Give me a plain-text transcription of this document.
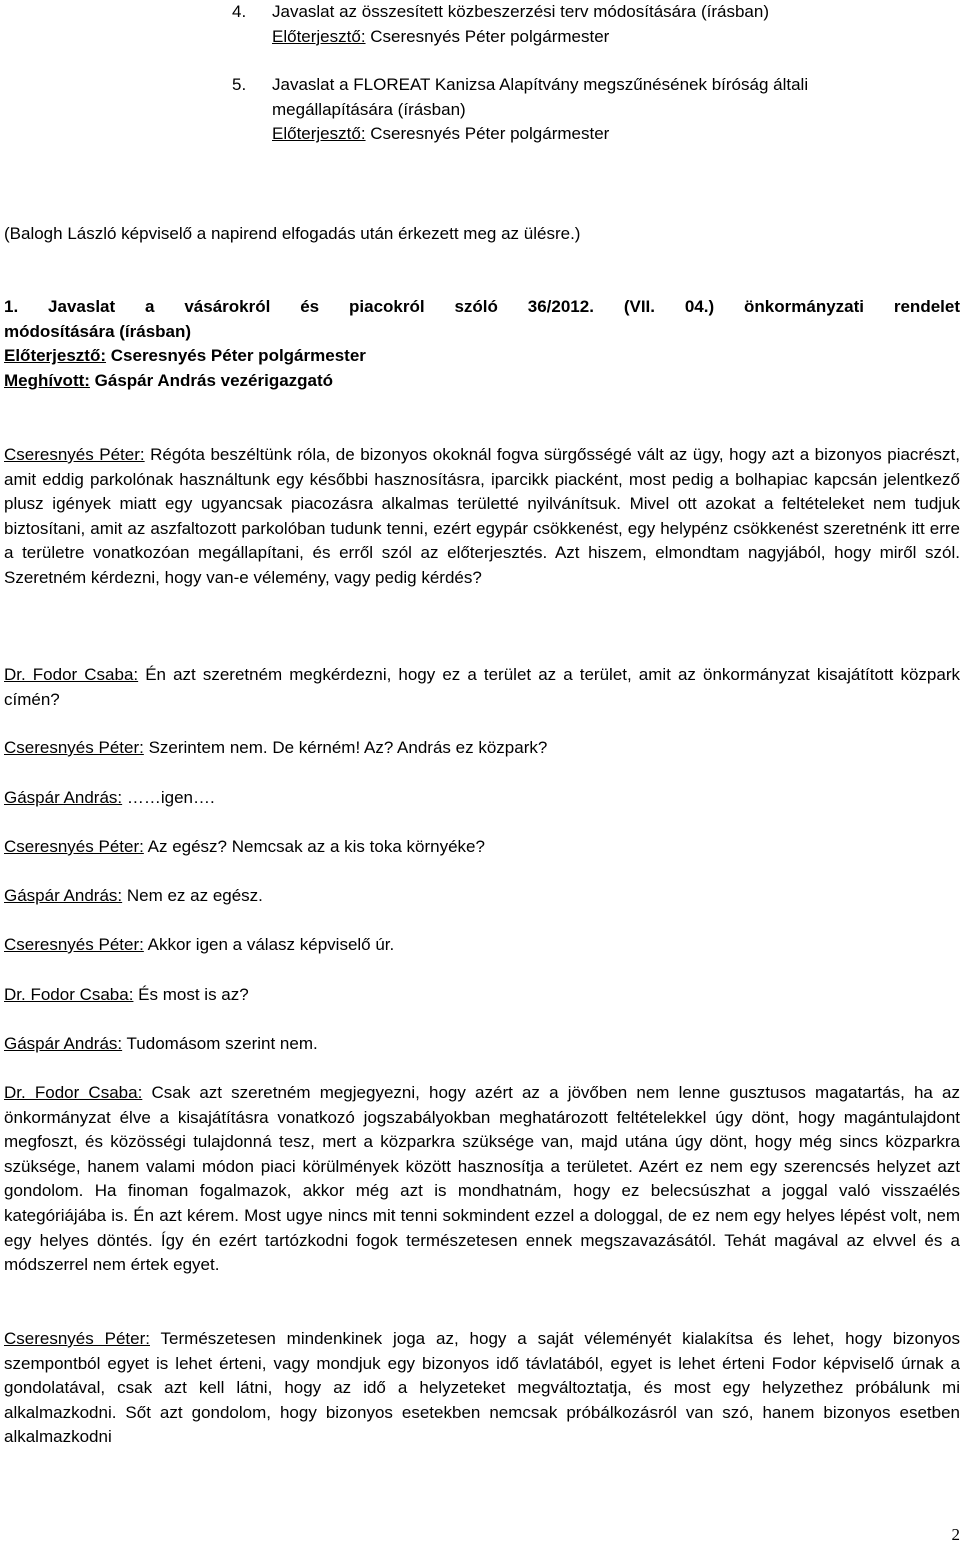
4. Javaslat az összesített közbeszerzési terv módosítására (írásban)
Előterjesztő: Cseresnyés Péter polgármester
5. Javaslat a FLOREAT Kanizsa Alapítvány megszűnésének bíróság általi
megállapítására (írásban)
Előterjesztő: Cseresnyés Péter polgármester
(Balogh László képviselő a napirend elfogadás után érkezett meg az ülésre.)
1. Javaslat a vásárokról és piacokról szóló 36/2012. (VII. 04.) önkormányzati rendelet
módosítására (írásban)
Előterjesztő: Cseresnyés Péter polgármester
Meghívott: Gáspár András vezérigazgató
Cseresnyés Péter: Régóta beszéltünk róla, de bizonyos okoknál fogva sürgősségé vált az ügy, hogy azt a bizonyos piacrészt, amit eddig parkolónak használtunk egy későbbi hasznosításra, iparcikk piacként, most pedig a bolhapiac kapcsán jelentkező plusz igények miatt egy ugyancsak piacozásra alkalmas területté nyilvánítsuk. Mivel ott azokat a feltételeket nem tudjuk biztosítani, amit az aszfaltozott parkolóban tudunk tenni, ezért egypár csökkenést, egy helypénz csökkenést szeretnénk itt erre a területre vonatkozóan megállapítani, és erről szól az előterjesztés. Azt hiszem, elmondtam nagyjából, hogy miről szól. Szeretném kérdezni, hogy van-e vélemény, vagy pedig kérdés?
Dr. Fodor Csaba: Én azt szeretném megkérdezni, hogy ez a terület az a terület, amit az önkormányzat kisajátított közpark címén?
Cseresnyés Péter: Szerintem nem. De kérném! Az? András ez közpark?
Gáspár András: ……igen….
Cseresnyés Péter: Az egész? Nemcsak az a kis toka környéke?
Gáspár András: Nem ez az egész.
Cseresnyés Péter: Akkor igen a válasz képviselő úr.
Dr. Fodor Csaba: És most is az?
Gáspár András: Tudomásom szerint nem.
Dr. Fodor Csaba: Csak azt szeretném megjegyezni, hogy azért az a jövőben nem lenne gusztusos magatartás, ha az önkormányzat élve a kisajátításra vonatkozó jogszabályokban meghatározott feltételekkel úgy dönt, hogy magántulajdont megfoszt, és közösségi tulajdonná tesz, mert a közparkra szüksége van, majd utána úgy dönt, hogy még sincs közparkra szüksége, hanem valami módon piaci körülmények között hasznosítja a területet. Azért ez nem egy szerencsés helyzet azt gondolom. Ha finoman fogalmazok, akkor még azt is mondhatnám, hogy ez belecsúszhat a joggal való visszaélés kategóriájába is. Én azt kérem. Most ugye nincs mit tenni sokmindent ezzel a dologgal, de ez nem egy helyes lépést volt, nem egy helyes döntés. Így én ezért tartózkodni fogok természetesen ennek megszavazásától. Tehát magával az elvvel és a módszerrel nem értek egyet.
Cseresnyés Péter: Természetesen mindenkinek joga az, hogy a saját véleményét kialakítsa és lehet, hogy bizonyos szempontból egyet is lehet érteni, vagy mondjuk egy bizonyos idő távlatából, egyet is lehet érteni Fodor képviselő úrnak a gondolatával, csak azt kell látni, hogy az idő a helyzeteket megváltoztatja, és most egy helyzethez próbálunk mi alkalmazkodni. Sőt azt gondolom, hogy bizonyos esetekben nemcsak próbálkozásról van szó, hanem bizonyos esetben alkalmazkodni
2
